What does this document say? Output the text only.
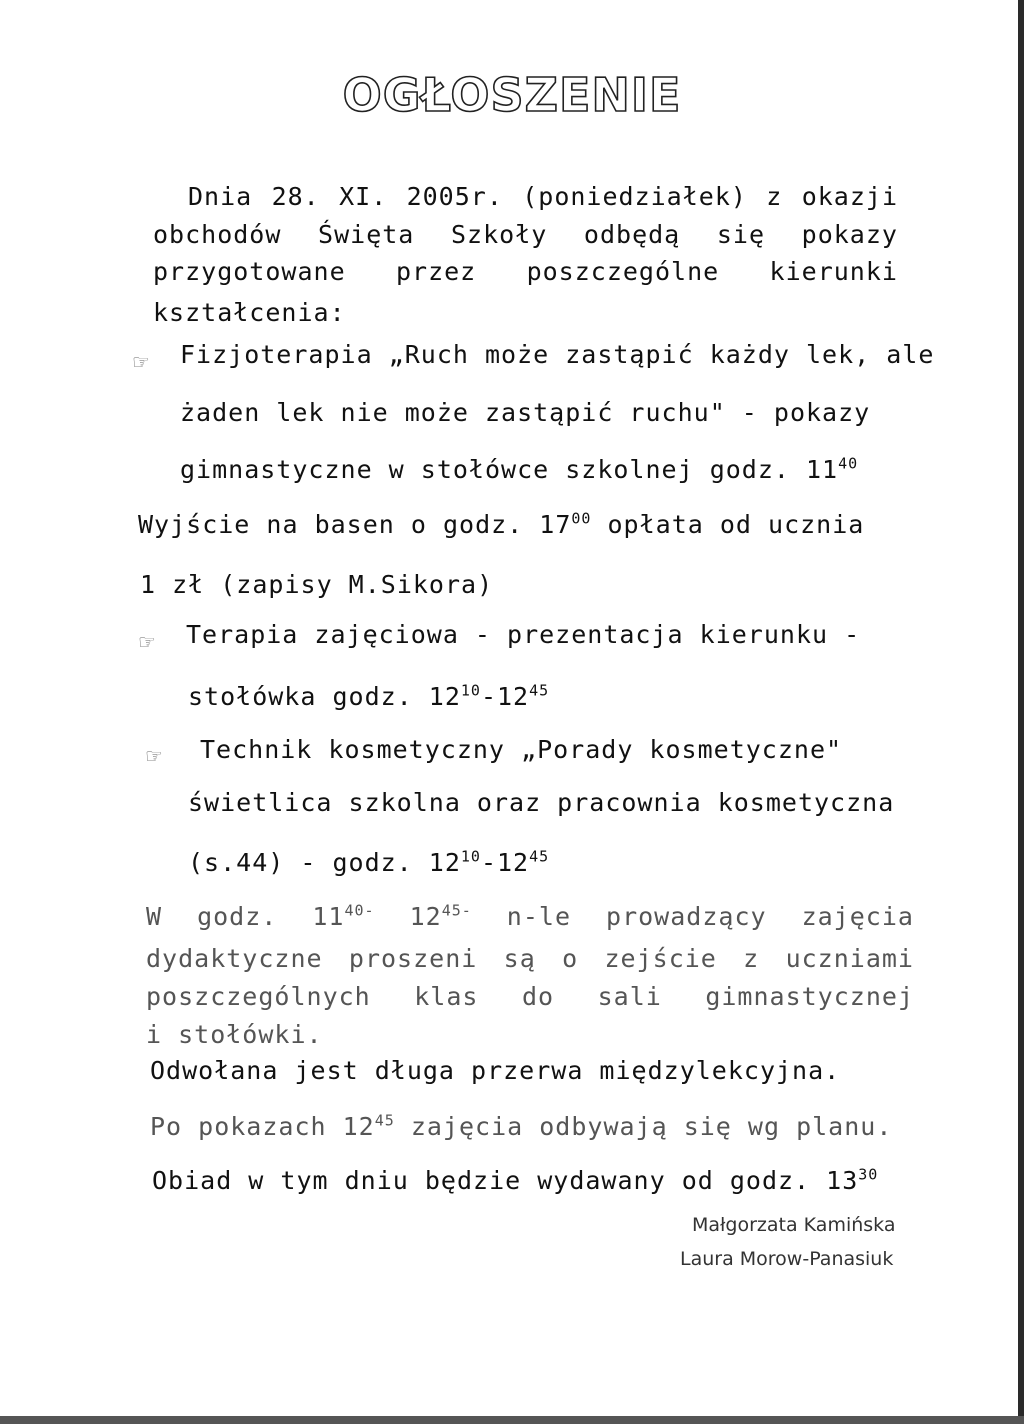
OGŁOSZENIE
Dnia 28. XI. 2005r. (poniedziałek) z okazji
obchodów Święta Szkoły odbędą się pokazy
przygotowane przez poszczególne kierunki
kształcenia:
☞ Fizjoterapia „Ruch może zastąpić każdy lek, ale
żaden lek nie może zastąpić ruchu" - pokazy
gimnastyczne w stołówce szkolnej godz. $11^{40}$
Wyjście na basen o godz. $17^{00}$ opłata od ucznia
1 zł (zapisy M.Sikora)
☞ Terapia zajęciowa - prezentacja kierunku -
stołówka godz. $12^{10}-12^{45}$
☞ Technik kosmetyczny „Porady kosmetyczne"
świetlica szkolna oraz pracownia kosmetyczna
(s.44) - godz. $12^{10}-12^{45}$
W godz. $11^{40-}$ $12^{45-}$ n-le prowadzący zajęcia
dydaktyczne proszeni są o zejście z uczniami
poszczególnych klas do sali gimnastycznej
i stołówki.
Odwołana jest długa przerwa międzylekcyjna.
Po pokazach $12^{45}$ zajęcia odbywają się wg planu.
Obiad w tym dniu będzie wydawany od godz. $13^{30}$
Małgorzata Kamińska
Laura Morow-Panasiuk
